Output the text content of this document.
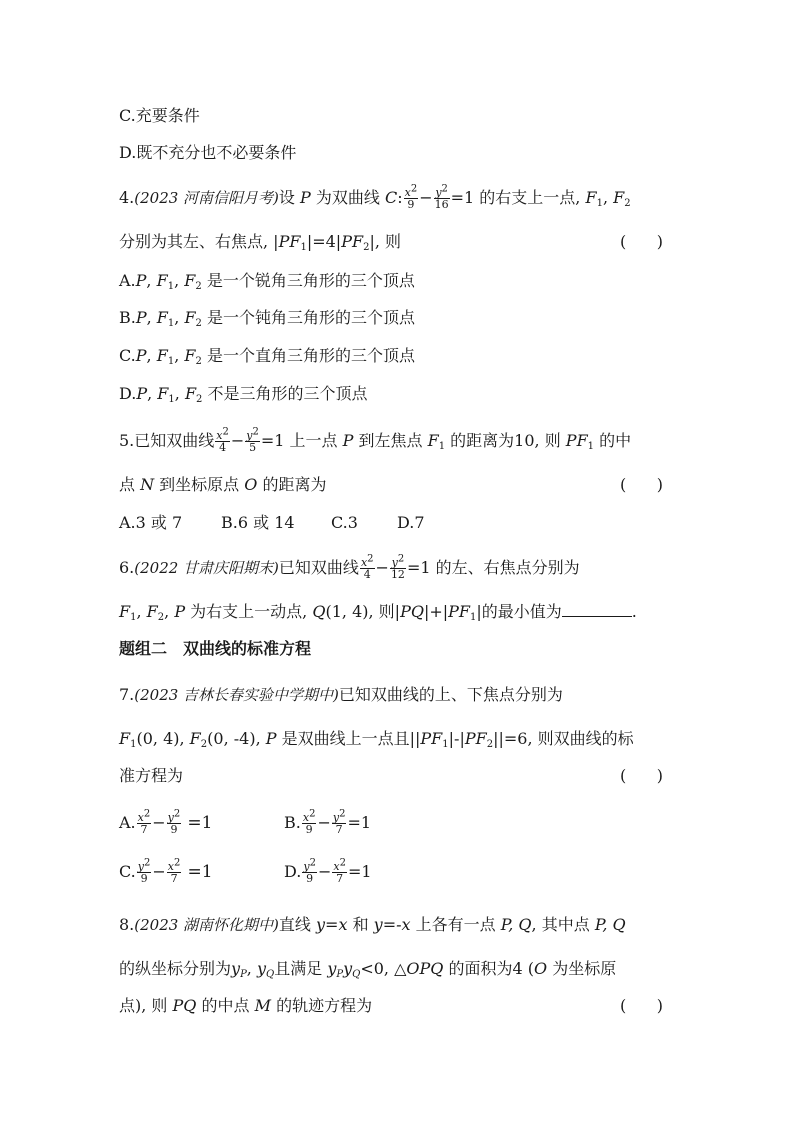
C.充要条件
D.既不充分也不必要条件
4.(2023 河南信阳月考)设 P 为双曲线 C: $\frac{x^2}{9} - \frac{y^2}{16} =1$ 的右支上一点, $F_1$, $F_2$
分别为其左、右焦点, $|PF_1|=4|PF_2|$, 则	(      )
A.P, $F_1$, $F_2$ 是一个锐角三角形的三个顶点
B.P, $F_1$, $F_2$ 是一个钝角三角形的三个顶点
C.P, $F_1$, $F_2$ 是一个直角三角形的三个顶点
D.P, $F_1$, $F_2$ 不是三角形的三个顶点
5.已知双曲线 $\frac{x^2}{4} - \frac{y^2}{5} =1$ 上一点 P 到左焦点 $F_1$ 的距离为10, 则 $PF_1$ 的中
点 N 到坐标原点 O 的距离为	(      )
A.3 或 7 B.6 或 14 C.3 D.7
6.(2022 甘肃庆阳期末)已知双曲线 $\frac{x^2}{4} - \frac{y^2}{12} =1$ 的左、右焦点分别为
$F_1$, $F_2$, P 为右支上一动点, Q(1, 4), 则$|PQ|+|PF_1|$的最小值为	.
题组二　双曲线的标准方程
7.(2023 吉林长春实验中学期中)已知双曲线的上、下焦点分别为
$F_1(0$, 4), $F_2(0$, -4), P 是双曲线上一点且$||PF_1|-|PF_2||=6$, 则双曲线的标
准方程为	(      )
A. $\frac{x^2}{7} - \frac{y^2}{9} =1$	B. $\frac{x^2}{9} - \frac{y^2}{7} =1$
C. $\frac{y^2}{9} - \frac{x^2}{7} =1$	D. $\frac{y^2}{9} - \frac{x^2}{7} =1$
8.(2023 湖南怀化期中)直线 y=x 和 y=-x 上各有一点 P, Q, 其中点 P, Q
的纵坐标分别为$y_P$, $y_Q$且满足 $y_Py_Q<0$, △OPQ 的面积为4 (O 为坐标原
点), 则 PQ 的中点 M 的轨迹方程为	(      )
